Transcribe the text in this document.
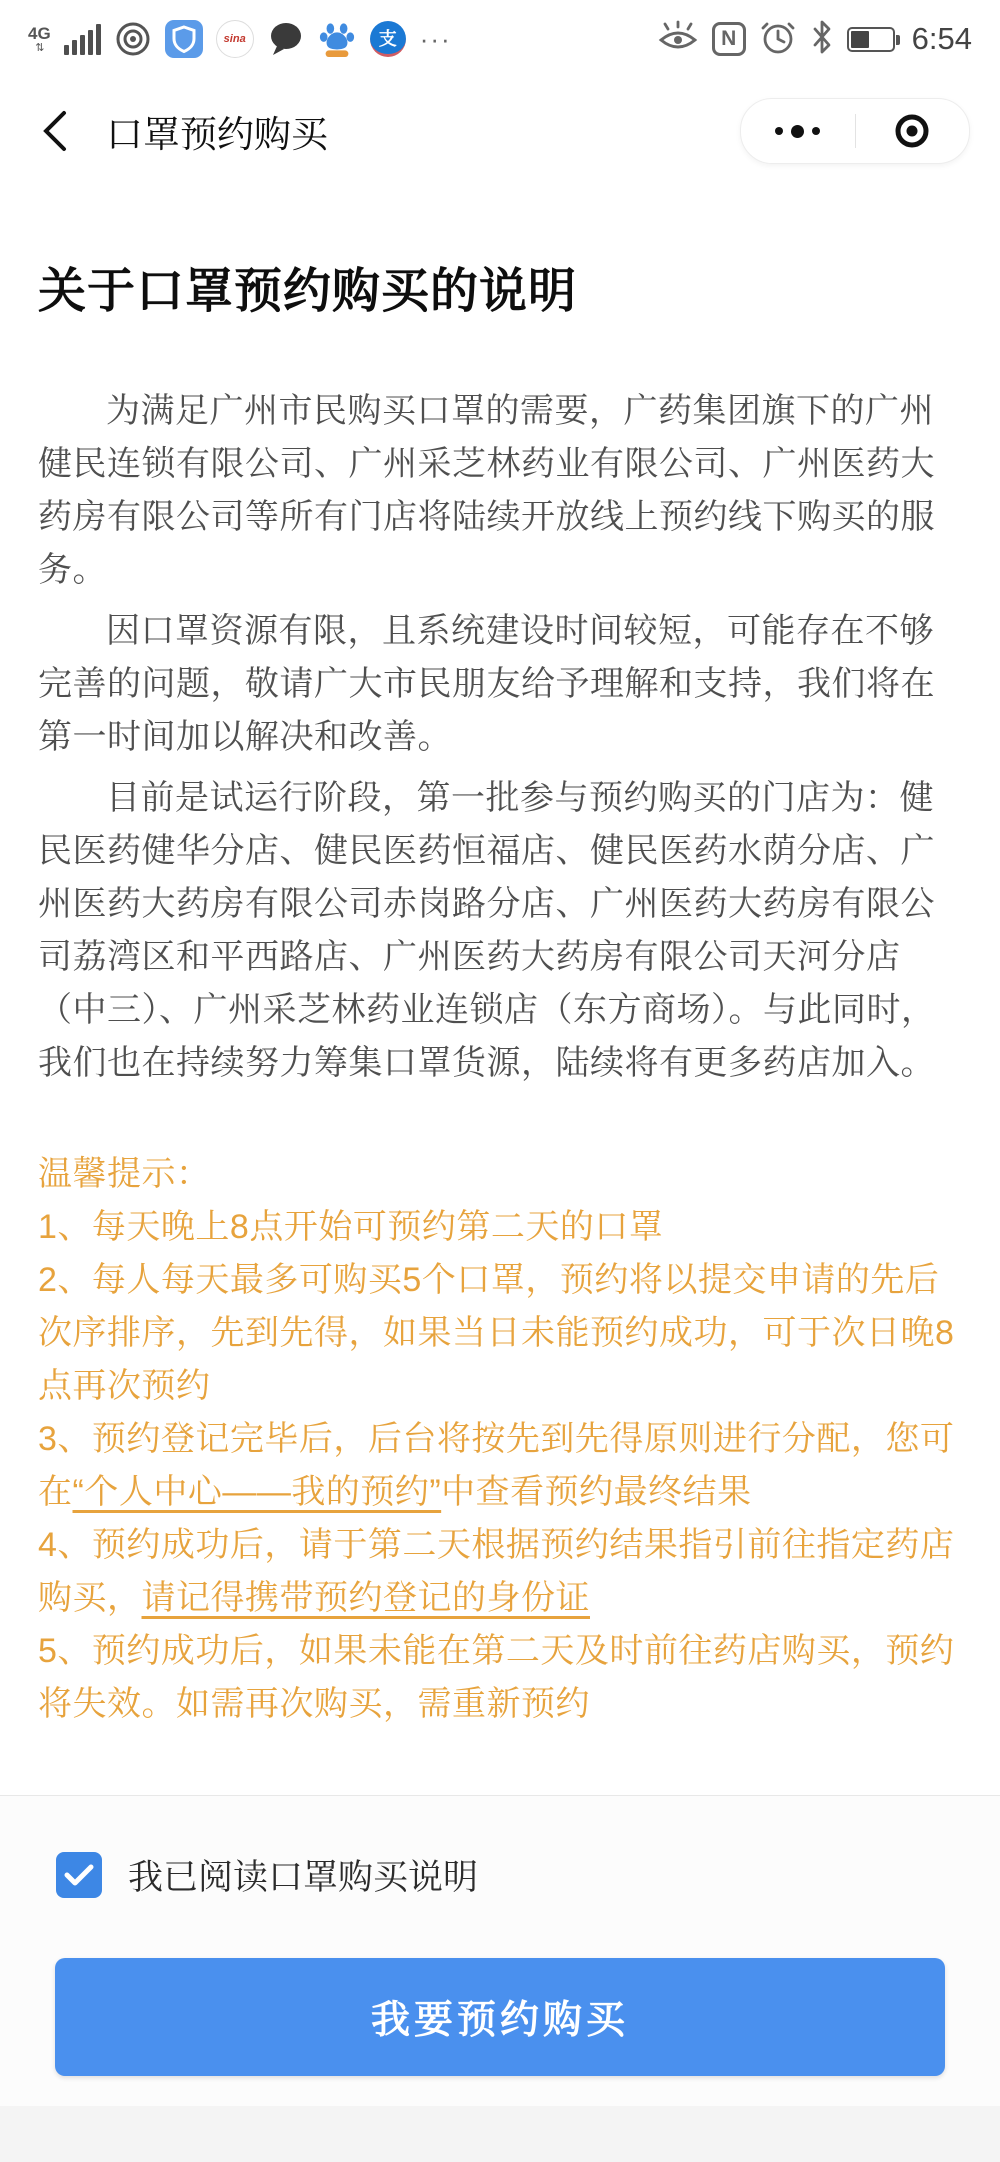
4G
⇅
sina	支 ···	N	6:54
口罩预约购买
关于口罩预约购买的说明

为满足广州市民购买口罩的需要，广药集团旗下的广州健民连锁有限公司、广州采芝林药业有限公司、广州医药大药房有限公司等所有门店将陆续开放线上预约线下购买的服务。

因口罩资源有限，且系统建设时间较短，可能存在不够完善的问题，敬请广大市民朋友给予理解和支持，我们将在第一时间加以解决和改善。

目前是试运行阶段，第一批参与预约购买的门店为：健民医药健华分店、健民医药恒福店、健民医药水荫分店、广州医药大药房有限公司赤岗路分店、广州医药大药房有限公司荔湾区和平西路店、广州医药大药房有限公司天河分店（中三）、广州采芝林药业连锁店（东方商场）。与此同时，我们也在持续努力筹集口罩货源，陆续将有更多药店加入。

温馨提示：

1、每天晚上8点开始可预约第二天的口罩

2、每人每天最多可购买5个口罩，预约将以提交申请的先后次序排序，先到先得，如果当日未能预约成功，可于次日晚8点再次预约

3、预约登记完毕后，后台将按先到先得原则进行分配，您可在“个人中心——我的预约”中查看预约最终结果

4、预约成功后，请于第二天根据预约结果指引前往指定药店购买，请记得携带预约登记的身份证

5、预约成功后，如果未能在第二天及时前往药店购买，预约将失效。如需再次购买，需重新预约

我已阅读口罩购买说明
我要预约购买
